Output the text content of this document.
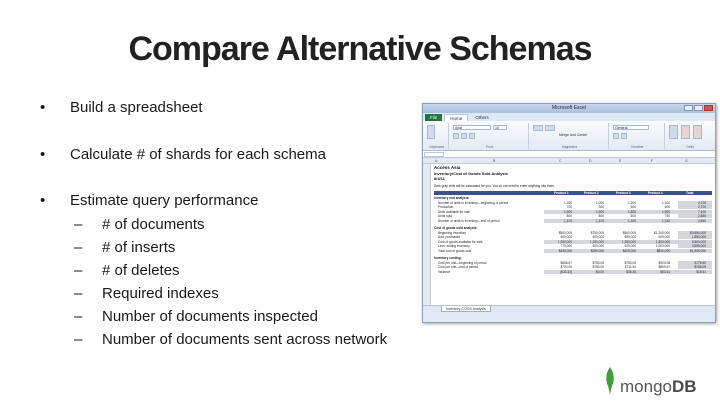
Compare Alternative Schemas
• Build a spreadsheet
• Calculate # of shards for each schema
• Estimate query performance
– # of documents
– # of inserts
– # of deletes
– Required indexes
– Number of documents inspected
– Number of documents sent across network
Microsoft Excel
File	Home	Others
Clipboard
Arial	10
Font
Merge And Center
Alignment
General
Number	Cells
A	B	C	D	E	F	G
Access Asia
Inventory/Cost of Goods Sold Analysis
8/4/11
Dark gray cells will be calculated for you. You do not need to enter anything into them.
Product 1	Product 2	Product 3	Product 4	Total
Inventory end analysis:
Number of units in inventory—beginning of period	1,200	1,000	1,200	1,300	4,700
Production	700	900	600	600	2,700
Units available for sale	1,900	1,900	1,800	1,900	7,400
Units sold	800	800	500	750	2,850
Number of units in inventory—end of period	1,100	1,100	1,300	1,150	4,650
Cost of goods sold analysis:
Beginning inventory	$500,000	$750,000	$900,000	$1,200,000	$3,650,000
Add: purchases	400,000	400,000	450,000	600,000	1,850,000
Cost of goods available for sale	1,200,000	1,150,000	1,350,000	1,800,000	5,500,000
Less: ending inventory	770,000	900,000	925,000	1,000,000	3,595,000
Total cost of goods sold	$430,000	$250,000	$425,000	$800,000	$1,905,000
Inventory costing:
Cost per unit—beginning of period	$666.67	$750.00	$750.00	$923.08	$776.60
Cost per unit—end of period	$700.00	$750.00	$711.54	$869.57	$758.09
Variance	($33.33)	$0.00	$38.46	$53.51	$18.51
Inventory-COGS Analysis
mongoDB
